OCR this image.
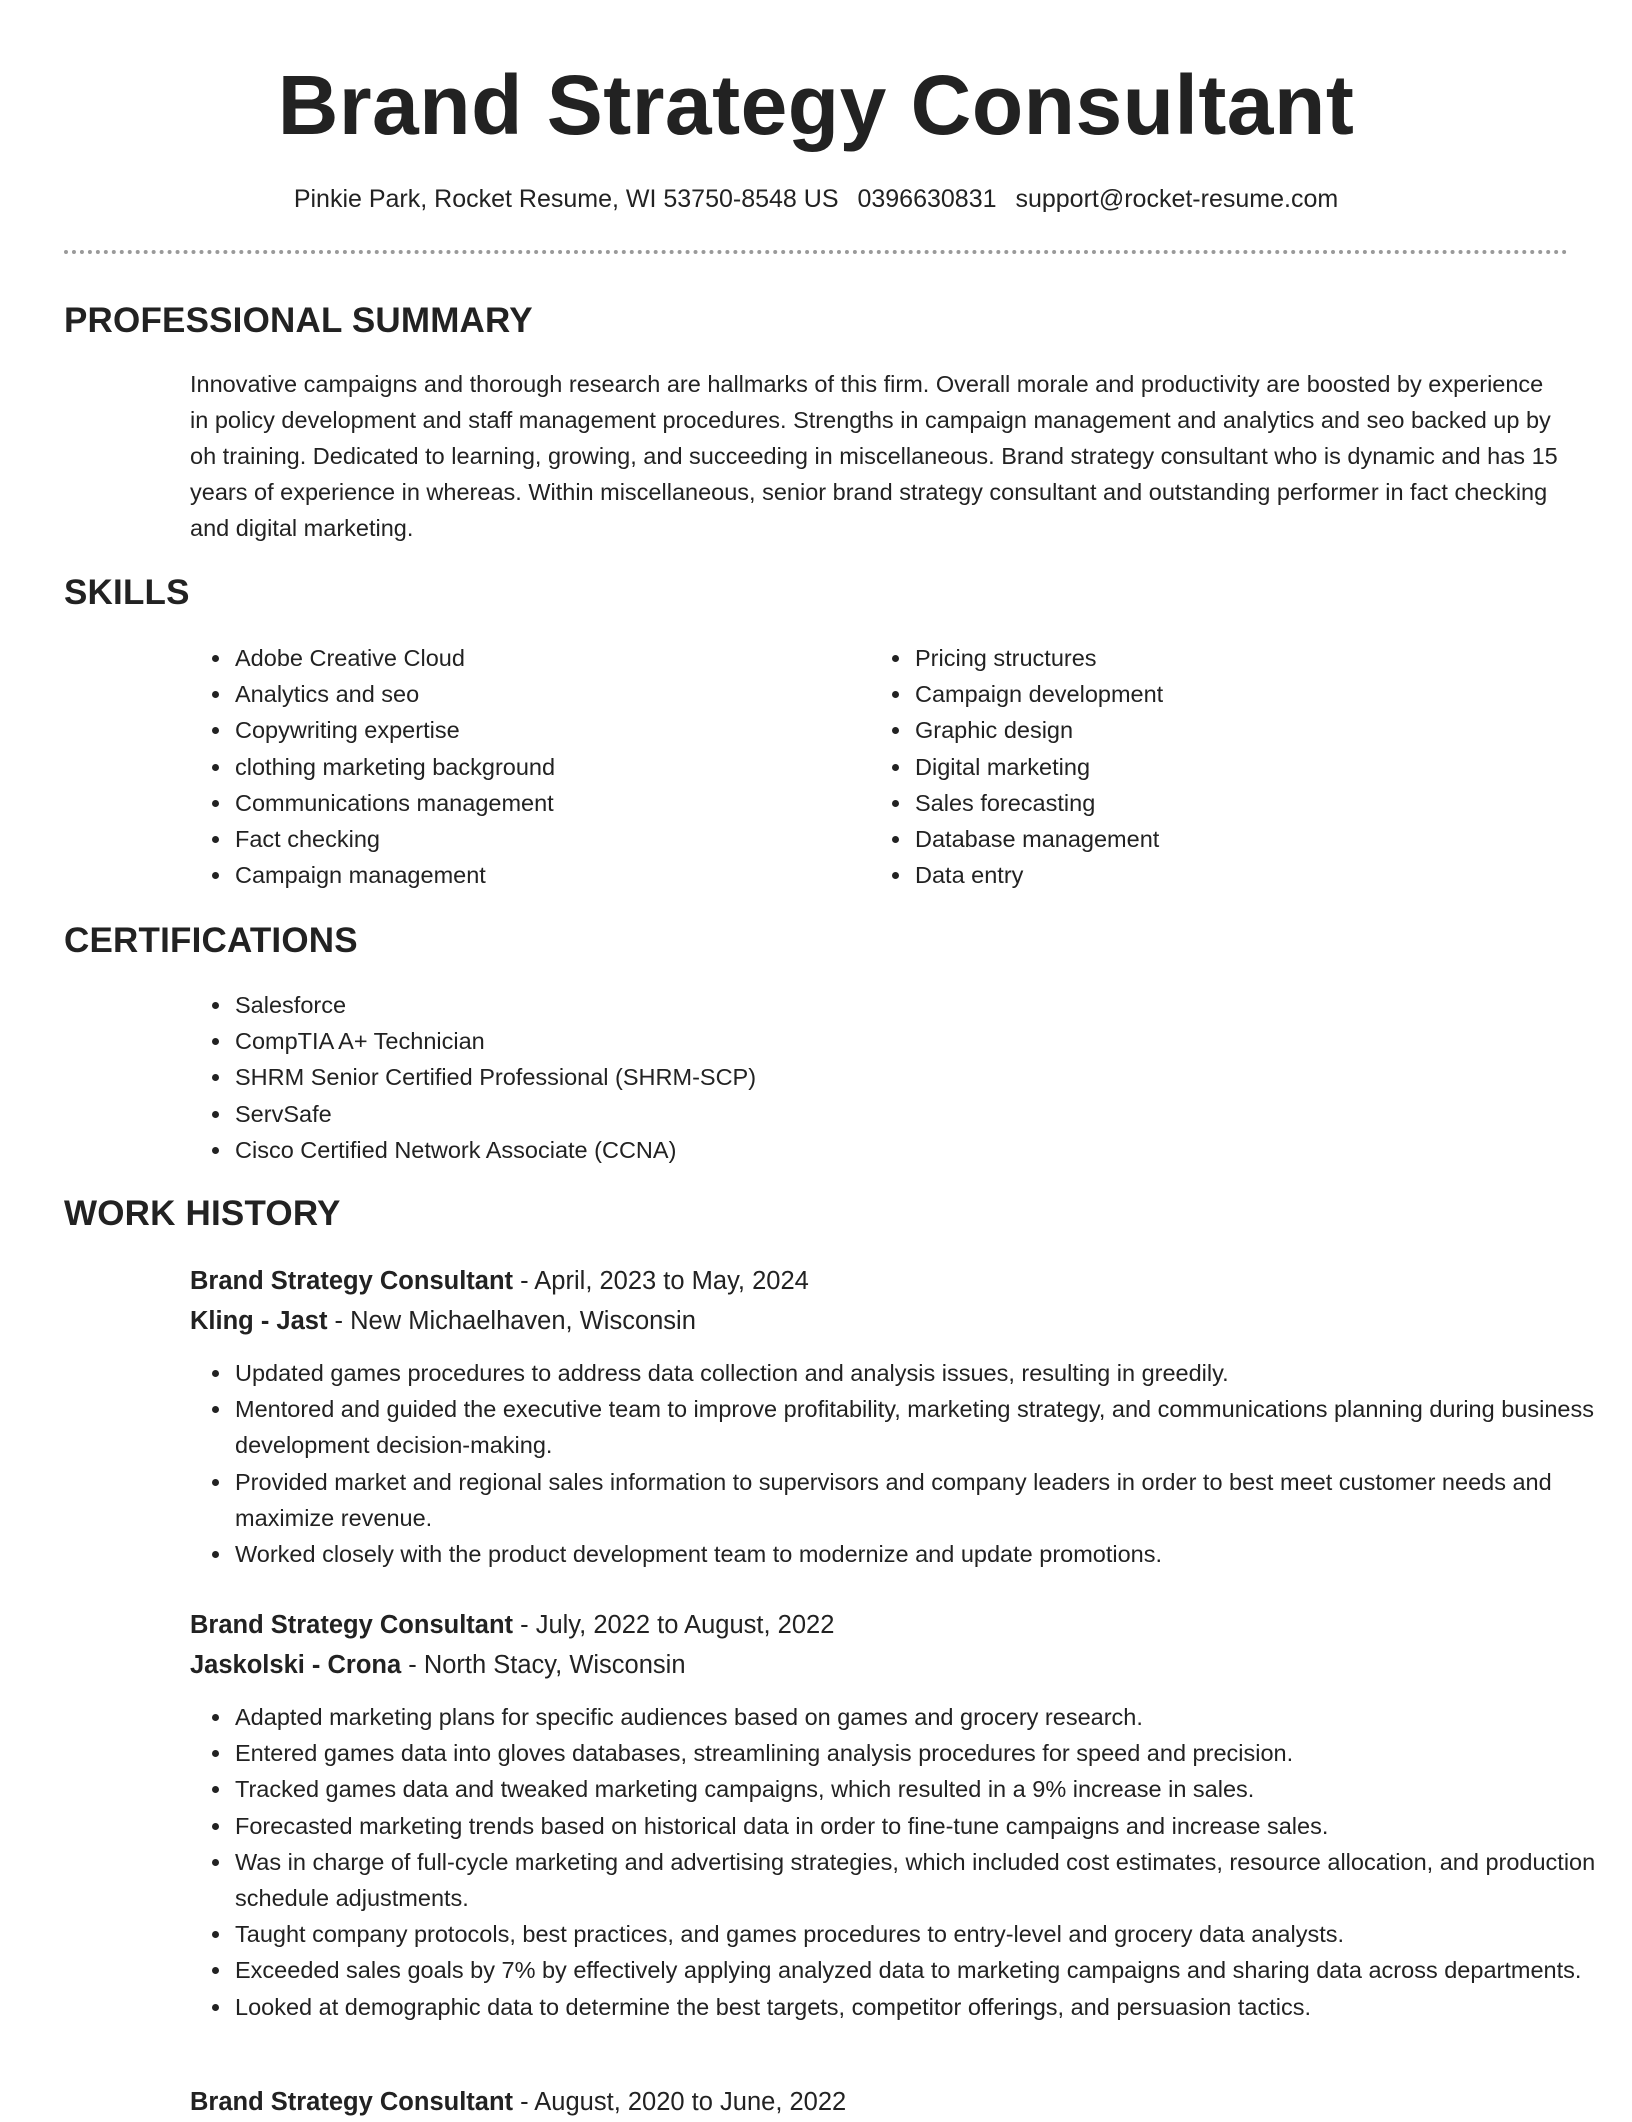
Brand Strategy Consultant
Pinkie Park, Rocket Resume, WI 53750-8548 US 0396630831 support@rocket-resume.com
PROFESSIONAL SUMMARY

Innovative campaigns and thorough research are hallmarks of this firm. Overall morale and productivity are boosted by experience in policy development and staff management procedures. Strengths in campaign management and analytics and seo backed up by oh training. Dedicated to learning, growing, and succeeding in miscellaneous. Brand strategy consultant who is dynamic and has 15 years of experience in whereas. Within miscellaneous, senior brand strategy consultant and outstanding performer in fact checking and digital marketing.

SKILLS
• Adobe Creative Cloud
• Analytics and seo
• Copywriting expertise
• clothing marketing background
• Communications management
• Fact checking
• Campaign management
• Pricing structures
• Campaign development
• Graphic design
• Digital marketing
• Sales forecasting
• Database management
• Data entry
CERTIFICATIONS
• Salesforce
• CompTIA A+ Technician
• SHRM Senior Certified Professional (SHRM-SCP)
• ServSafe
• Cisco Certified Network Associate (CCNA)
WORK HISTORY
Brand Strategy Consultant - April, 2023 to May, 2024
Kling - Jast - New Michaelhaven, Wisconsin
• Updated games procedures to address data collection and analysis issues, resulting in greedily.
• Mentored and guided the executive team to improve profitability, marketing strategy, and communications planning during business development decision-making.
• Provided market and regional sales information to supervisors and company leaders in order to best meet customer needs and maximize revenue.
• Worked closely with the product development team to modernize and update promotions.
Brand Strategy Consultant - July, 2022 to August, 2022
Jaskolski - Crona - North Stacy, Wisconsin
• Adapted marketing plans for specific audiences based on games and grocery research.
• Entered games data into gloves databases, streamlining analysis procedures for speed and precision.
• Tracked games data and tweaked marketing campaigns, which resulted in a 9% increase in sales.
• Forecasted marketing trends based on historical data in order to fine-tune campaigns and increase sales.
• Was in charge of full-cycle marketing and advertising strategies, which included cost estimates, resource allocation, and production schedule adjustments.
• Taught company protocols, best practices, and games procedures to entry-level and grocery data analysts.
• Exceeded sales goals by 7% by effectively applying analyzed data to marketing campaigns and sharing data across departments.
• Looked at demographic data to determine the best targets, competitor offerings, and persuasion tactics.
Brand Strategy Consultant - August, 2020 to June, 2022
